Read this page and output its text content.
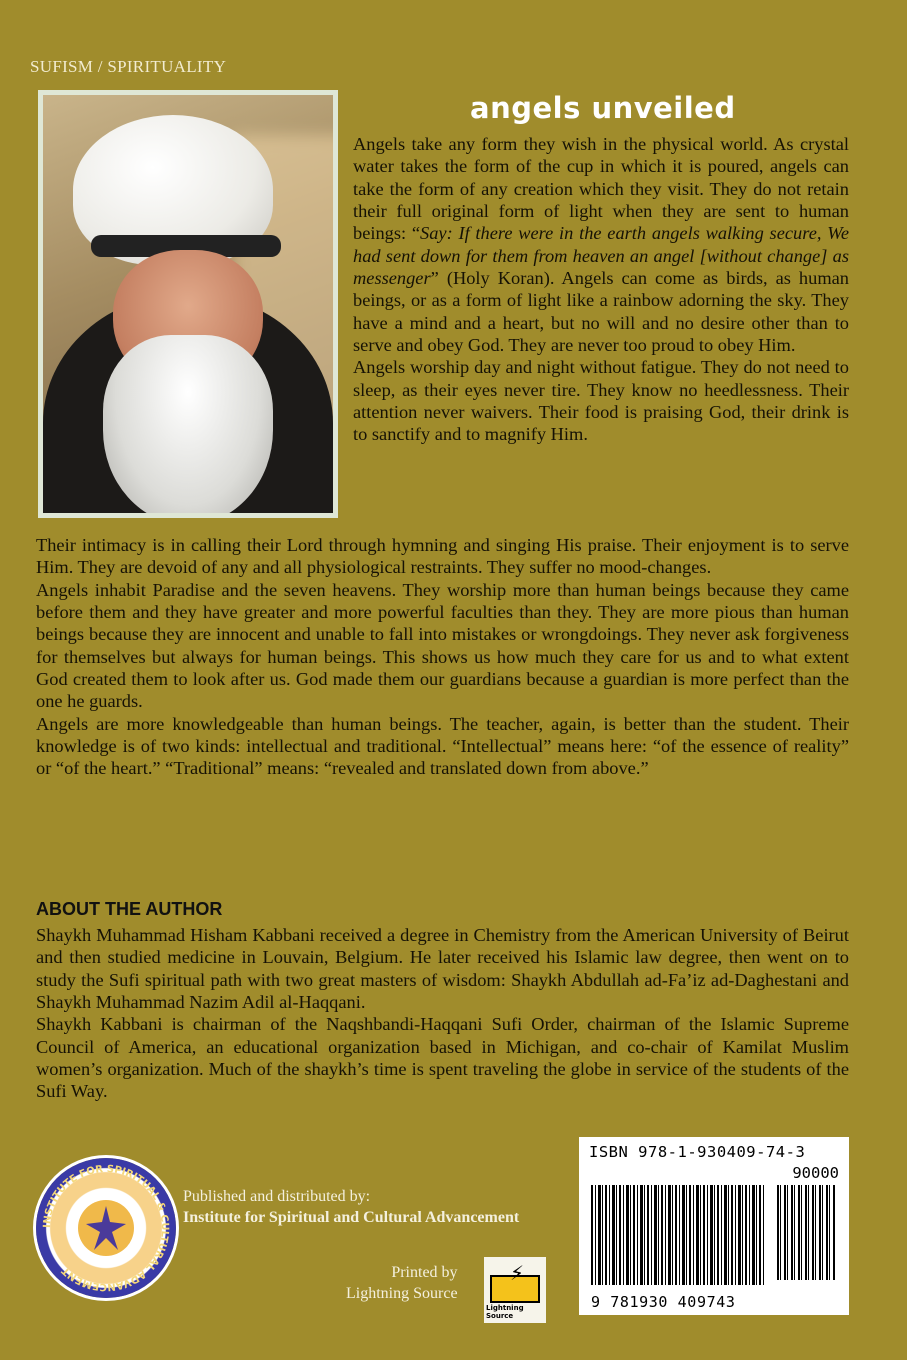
SUFISM / SPIRITUALITY
angels unveiled

Angels take any form they wish in the physical world. As crystal water takes the form of the cup in which it is poured, angels can take the form of any creation which they visit. They do not retain their full original form of light when they are sent to human beings: “Say: If there were in the earth angels walking secure, We had sent down for them from heaven an angel [without change] as messenger” (Holy Koran). Angels can come as birds, as human beings, or as a form of light like a rainbow adorning the sky. They have a mind and a heart, but no will and no desire other than to serve and obey God. They are never too proud to obey Him.

Angels worship day and night without fatigue. They do not need to sleep, as their eyes never tire. They know no heedlessness. Their attention never waivers. Their food is praising God, their drink is to sanctify and to magnify Him.

Their intimacy is in calling their Lord through hymning and singing His praise. Their enjoyment is to serve Him. They are devoid of any and all physiological restraints. They suffer no mood-changes.

Angels inhabit Paradise and the seven heavens. They worship more than human beings because they came before them and they have greater and more powerful faculties than they. They are more pious than human beings because they are innocent and unable to fall into mistakes or wrongdoings. They never ask forgiveness for themselves but always for human beings. This shows us how much they care for us and to what extent God created them to look after us. God made them our guardians because a guardian is more perfect than the one he guards.

Angels are more knowledgeable than human beings. The teacher, again, is better than the student. Their knowledge is of two kinds: intellectual and traditional. “Intellectual” means here: “of the essence of reality” or “of the heart.” “Traditional” means: “revealed and translated down from above.”

ABOUT THE AUTHOR

Shaykh Muhammad Hisham Kabbani received a degree in Chemistry from the American University of Beirut and then studied medicine in Louvain, Belgium. He later received his Islamic law degree, then went on to study the Sufi spiritual path with two great masters of wisdom: Shaykh Abdullah ad-Fa’iz ad-Daghestani and Shaykh Muhammad Nazim Adil al-Haqqani.

Shaykh Kabbani is chairman of the Naqshbandi-Haqqani Sufi Order, chairman of the Islamic Supreme Council of America, an educational organization based in Michigan, and co-chair of Kamilat Muslim women’s organization. Much of the shaykh’s time is spent traveling the globe in service of the students of the Sufi Way.

ISBN 978-1-930409-74-3
90000
9 781930 409743
INSTITUTE FOR SPIRITUAL & CULTURAL ADVANCEMENT
Published and distributed by:
Institute for Spiritual and Cultural Advancement
Printed by
Lightning Source
⚡
Lightning Source
